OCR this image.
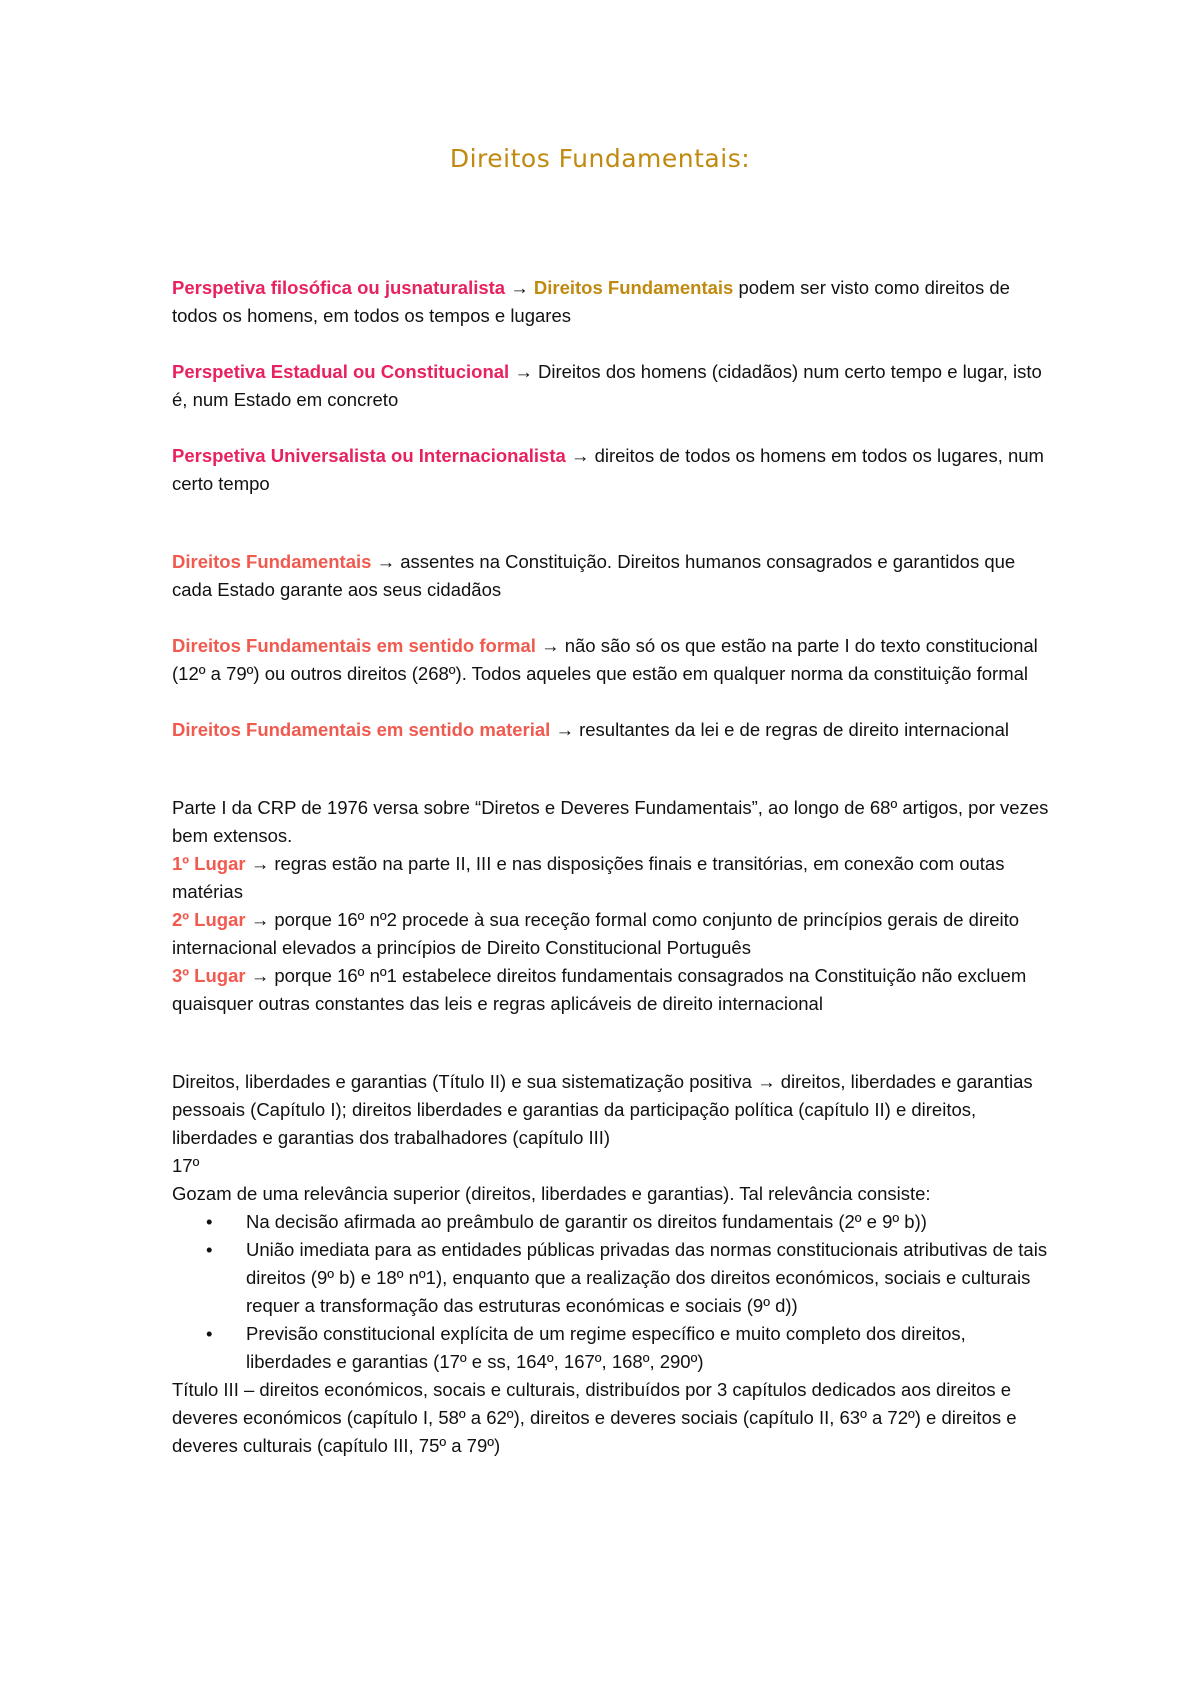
Direitos Fundamentais:

Perspetiva filosófica ou jusnaturalista → Direitos Fundamentais podem ser visto como direitos de todos os homens, em todos os tempos e lugares

Perspetiva Estadual ou Constitucional → Direitos dos homens (cidadãos) num certo tempo e lugar, isto é, num Estado em concreto

Perspetiva Universalista ou Internacionalista → direitos de todos os homens em todos os lugares, num certo tempo

Direitos Fundamentais → assentes na Constituição. Direitos humanos consagrados e garantidos que cada Estado garante aos seus cidadãos

Direitos Fundamentais em sentido formal → não são só os que estão na parte I do texto constitucional (12º a 79º) ou outros direitos (268º). Todos aqueles que estão em qualquer norma da constituição formal

Direitos Fundamentais em sentido material → resultantes da lei e de regras de direito internacional

Parte I da CRP de 1976 versa sobre “Diretos e Deveres Fundamentais”, ao longo de 68º artigos, por vezes bem extensos.

1º Lugar → regras estão na parte II, III e nas disposições finais e transitórias, em conexão com outas matérias

2º Lugar → porque 16º nº2 procede à sua receção formal como conjunto de princípios gerais de direito internacional elevados a princípios de Direito Constitucional Português

3º Lugar → porque 16º nº1 estabelece direitos fundamentais consagrados na Constituição não excluem quaisquer outras constantes das leis e regras aplicáveis de direito internacional

Direitos, liberdades e garantias (Título II) e sua sistematização positiva → direitos, liberdades e garantias pessoais (Capítulo I); direitos liberdades e garantias da participação política (capítulo II) e direitos, liberdades e garantias dos trabalhadores (capítulo III)

17º

Gozam de uma relevância superior (direitos, liberdades e garantias). Tal relevância consiste:

• Na decisão afirmada ao preâmbulo de garantir os direitos fundamentais (2º e 9º b))
• União imediata para as entidades públicas privadas das normas constitucionais atributivas de tais direitos (9º b) e 18º nº1), enquanto que a realização dos direitos económicos, sociais e culturais requer a transformação das estruturas económicas e sociais (9º d))
• Previsão constitucional explícita de um regime específico e muito completo dos direitos, liberdades e garantias (17º e ss, 164º, 167º, 168º, 290º)

Título III – direitos económicos, socais e culturais, distribuídos por 3 capítulos dedicados aos direitos e deveres económicos (capítulo I, 58º a 62º), direitos e deveres sociais (capítulo II, 63º a 72º) e direitos e deveres culturais (capítulo III, 75º a 79º)
